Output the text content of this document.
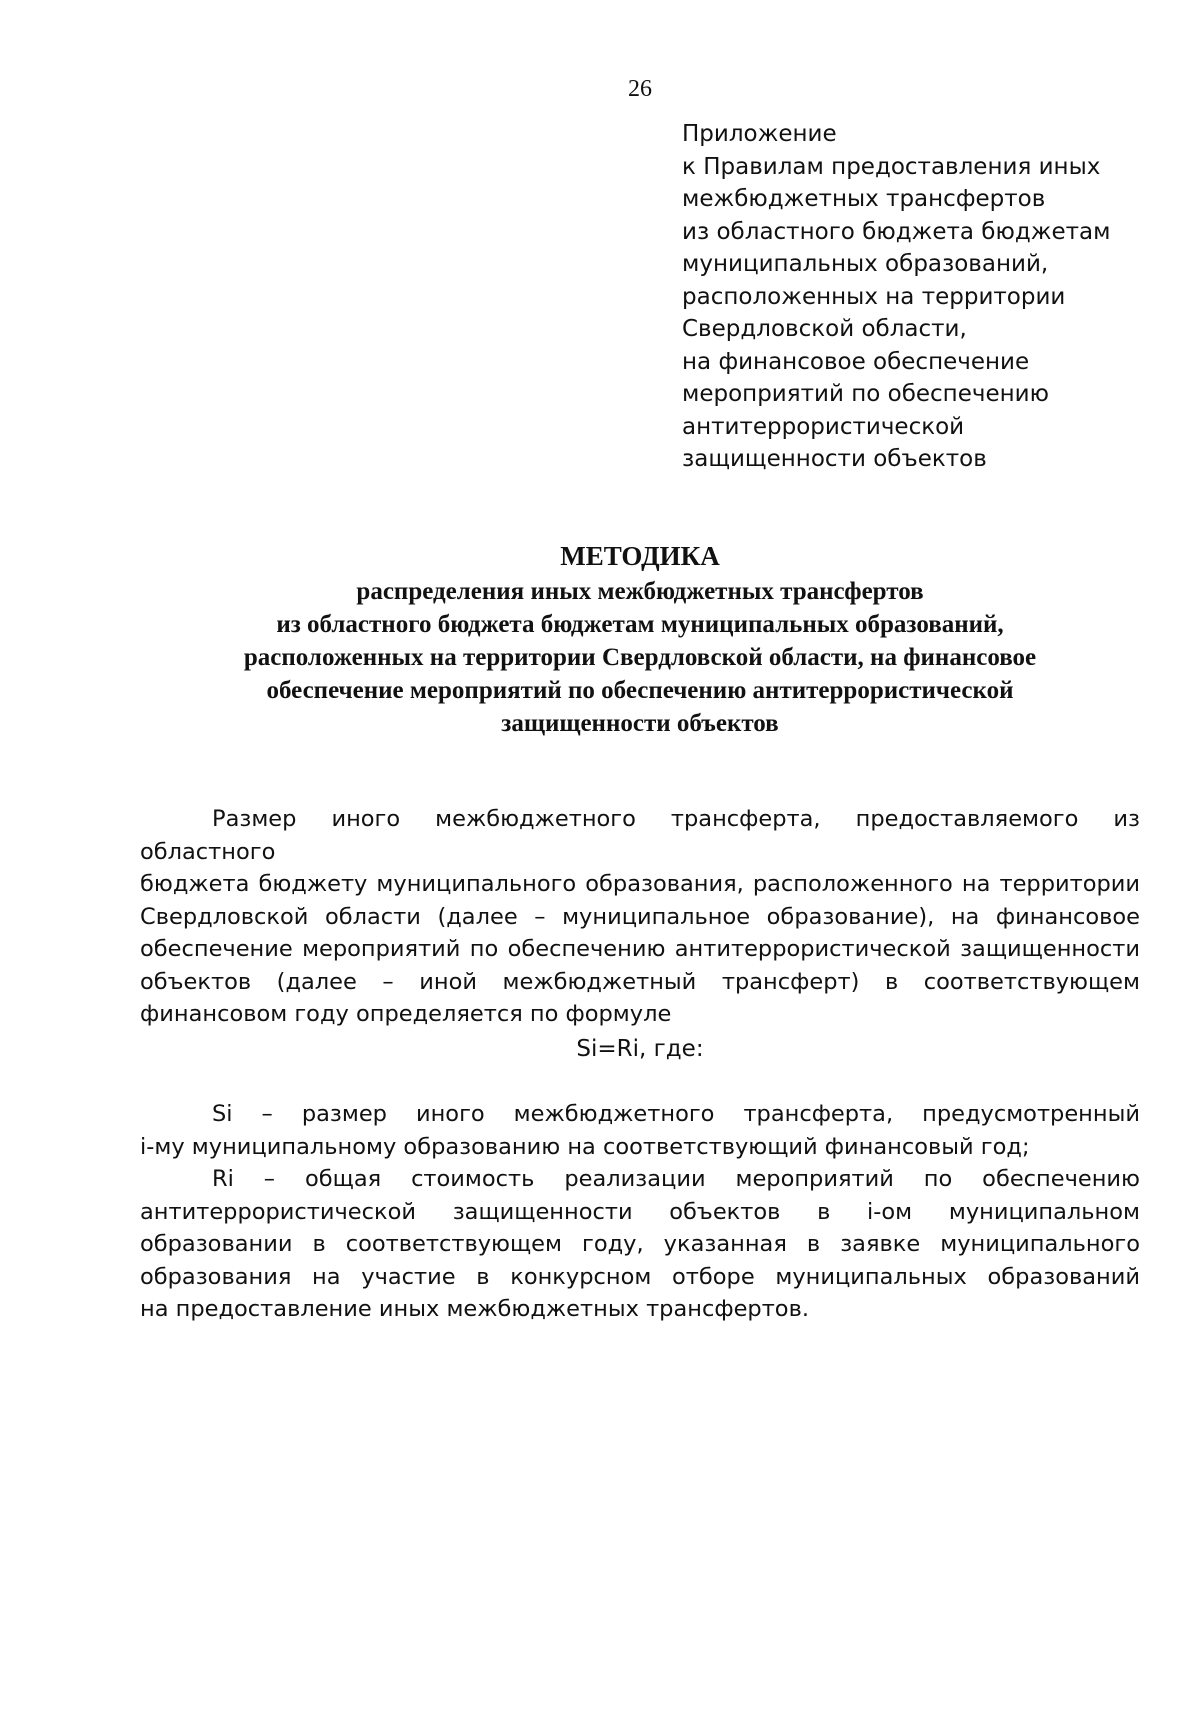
26
Приложение
к Правилам предоставления иных
межбюджетных трансфертов
из областного бюджета бюджетам
муниципальных образований,
расположенных на территории
Свердловской области,
на финансовое обеспечение
мероприятий по обеспечению
антитеррористической
защищенности объектов
МЕТОДИКА
распределения иных межбюджетных трансфертов
из областного бюджета бюджетам муниципальных образований,
расположенных на территории Свердловской области, на финансовое
обеспечение мероприятий по обеспечению антитеррористической
защищенности объектов
Размер иного межбюджетного трансферта, предоставляемого из областного
бюджета бюджету муниципального образования, расположенного на территории
Свердловской области (далее – муниципальное образование), на финансовое
обеспечение мероприятий по обеспечению антитеррористической защищенности
объектов (далее – иной межбюджетный трансферт) в соответствующем
финансовом году определяется по формуле
Si=Ri, где:
Si – размер иного межбюджетного трансферта, предусмотренный
i-му муниципальному образованию на соответствующий финансовый год;
Ri – общая стоимость реализации мероприятий по обеспечению
антитеррористической защищенности объектов в i-ом муниципальном
образовании в соответствующем году, указанная в заявке муниципального
образования на участие в конкурсном отборе муниципальных образований
на предоставление иных межбюджетных трансфертов.
